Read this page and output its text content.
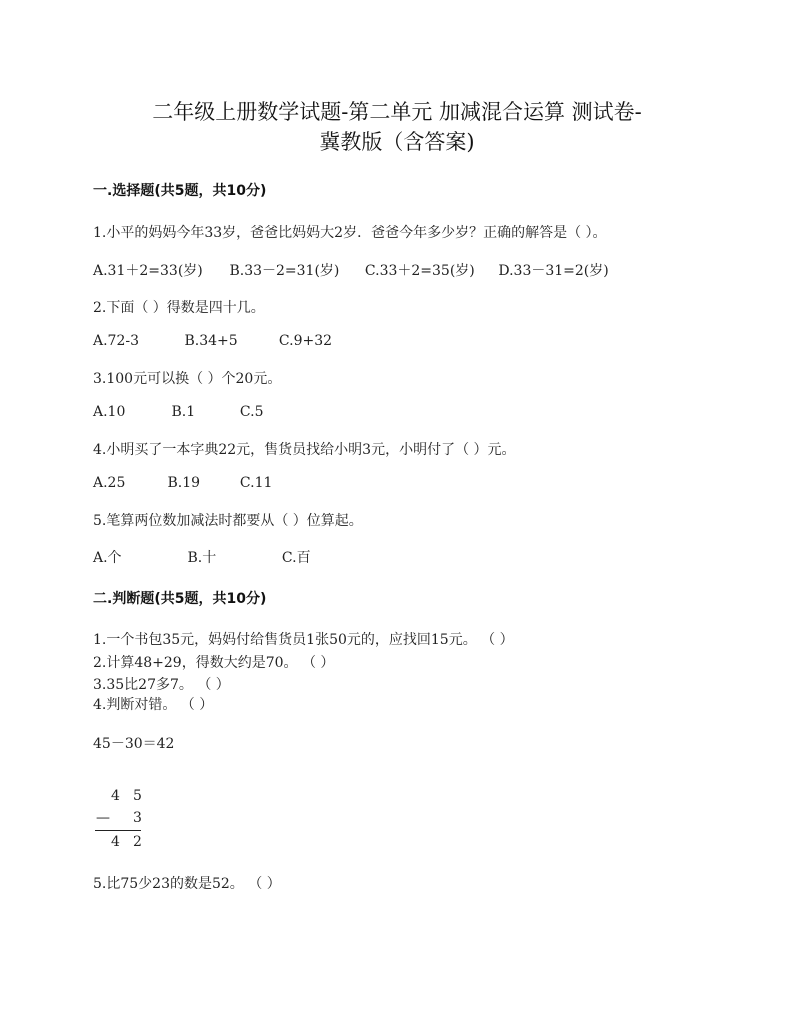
二年级上册数学试题-第二单元 加减混合运算 测试卷-
冀教版（含答案)
一.选择题(共5题，共10分)
1.小平的妈妈今年33岁，爸爸比妈妈大2岁．爸爸今年多少岁？正确的解答是（ ）。
A.31＋2=33(岁) B.33－2=31(岁) C.33＋2=35(岁) D.33－31=2(岁)
2.下面（ ）得数是四十几。
A.72-3	B.34+5	C.9+32
3.100元可以换（ ）个20元。
A.10	B.1	C.5
4.小明买了一本字典22元，售货员找给小明3元，小明付了（ ）元。
A.25	B.19	C.11
5.笔算两位数加减法时都要从（ ）位算起。
A.个	B.十	C.百
二.判断题(共5题，共10分)
1.一个书包35元，妈妈付给售货员1张50元的，应找回15元。 （ ）
2.计算48+29，得数大约是70。 （ ）
3.35比27多7。 （ ）
4.判断对错。 （ ）
45－30＝42
4 5
— 3
4 2
5.比75少23的数是52。 （ ）
